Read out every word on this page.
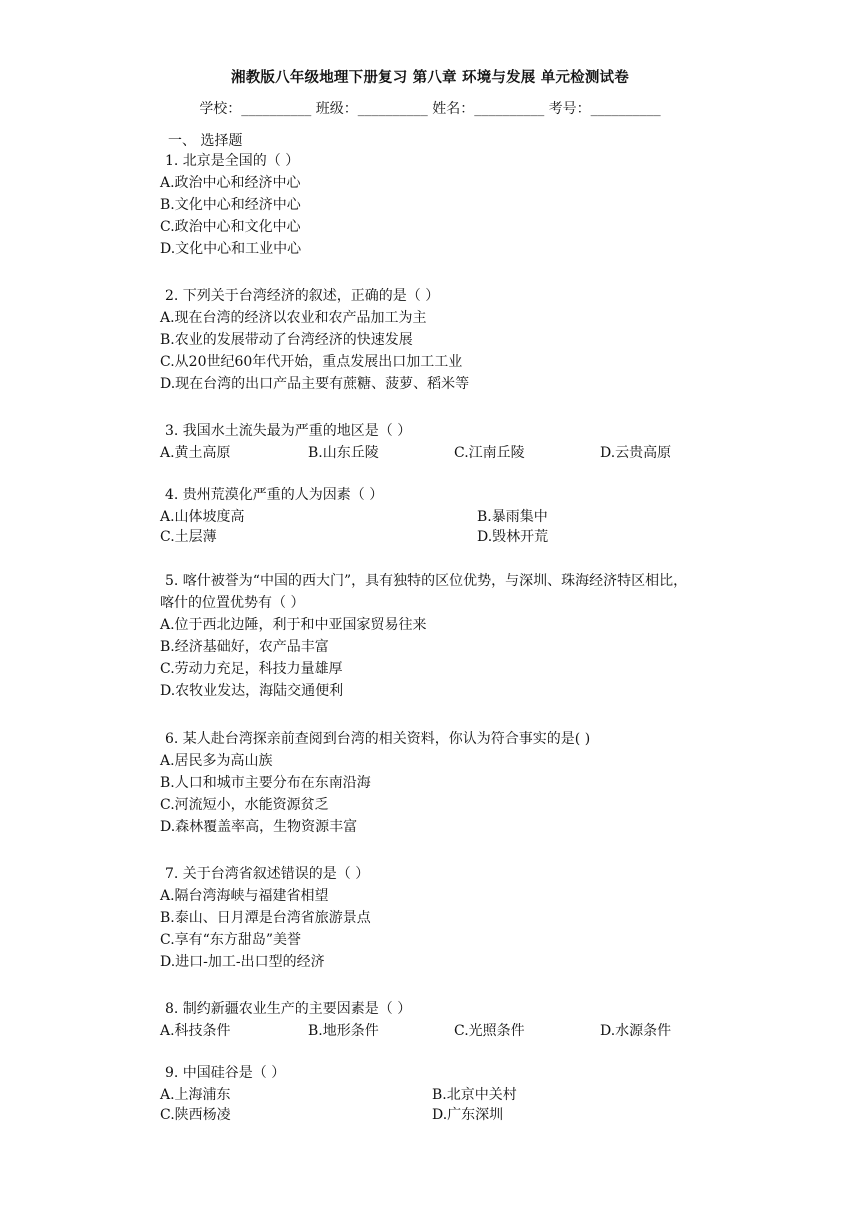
湘教版八年级地理下册复习 第八章 环境与发展 单元检测试卷
学校：__________ 班级：__________ 姓名：__________ 考号：__________
一、 选择题
1. 北京是全国的（ ）
A.政治中心和经济中心
B.文化中心和经济中心
C.政治中心和文化中心
D.文化中心和工业中心
2. 下列关于台湾经济的叙述，正确的是（ ）
A.现在台湾的经济以农业和农产品加工为主
B.农业的发展带动了台湾经济的快速发展
C.从20世纪60年代开始，重点发展出口加工工业
D.现在台湾的出口产品主要有蔗糖、菠萝、稻米等
3. 我国水土流失最为严重的地区是（ ）
A.黄土高原	B.山东丘陵	C.江南丘陵	D.云贵高原
4. 贵州荒漠化严重的人为因素（ ）
A.山体坡度高	B.暴雨集中
C.土层薄	D.毁林开荒
5. 喀什被誉为“中国的西大门”，具有独特的区位优势，与深圳、珠海经济特区相比，
喀什的位置优势有（ ）
A.位于西北边陲，利于和中亚国家贸易往来
B.经济基础好，农产品丰富
C.劳动力充足，科技力量雄厚
D.农牧业发达，海陆交通便利
6. 某人赴台湾探亲前查阅到台湾的相关资料，你认为符合事实的是( )
A.居民多为高山族
B.人口和城市主要分布在东南沿海
C.河流短小，水能资源贫乏
D.森林覆盖率高，生物资源丰富
7. 关于台湾省叙述错误的是（ ）
A.隔台湾海峡与福建省相望
B.泰山、日月潭是台湾省旅游景点
C.享有“东方甜岛”美誉
D.进口-加工-出口型的经济
8. 制约新疆农业生产的主要因素是（ ）
A.科技条件	B.地形条件	C.光照条件	D.水源条件
9. 中国硅谷是（ ）
A.上海浦东	B.北京中关村
C.陕西杨凌	D.广东深圳
